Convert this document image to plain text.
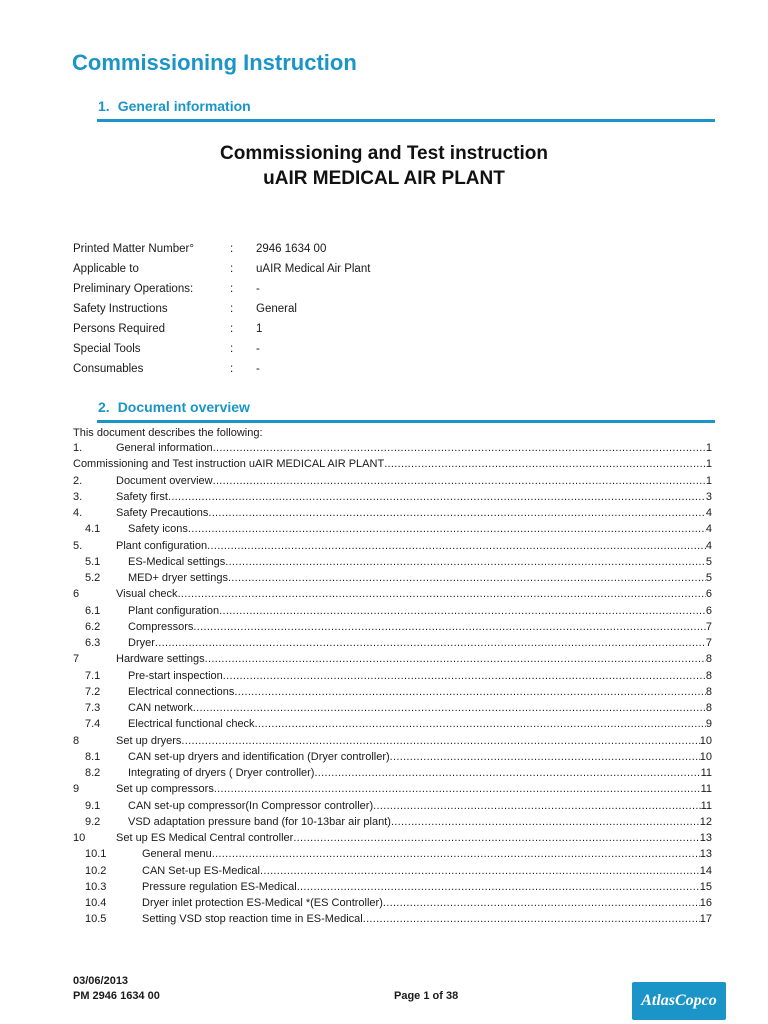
Commissioning Instruction
1. General information
Commissioning and Test instruction
uAIR MEDICAL AIR PLANT
Printed Matter Number°	: 2946 1634 00
Applicable to	: uAIR Medical Air Plant
Preliminary Operations:	: -
Safety Instructions	: General
Persons Required	: 1
Special Tools	: -
Consumables	: -
2. Document overview
This document describes the following:
1.	General information .....	1
Commissioning and Test instruction uAIR MEDICAL AIR PLANT .....	1
2.	Document overview .....	1
3.	Safety first .....	3
4.	Safety Precautions .....	4
4.1	Safety icons .....	4
5.	Plant configuration .....	4
5.1	ES-Medical settings .....	5
5.2	MED+ dryer settings .....	5
6	Visual check .....	6
6.1	Plant configuration .....	6
6.2	Compressors .....	7
6.3	Dryer .....	7
7	Hardware settings .....	8
7.1	Pre-start inspection .....	8
7.2	Electrical connections .....	8
7.3	CAN network .....	8
7.4	Electrical functional check .....	9
8	Set up dryers .....	10
8.1	CAN set-up dryers and identification (Dryer controller) .....	10
8.2	Integrating of dryers ( Dryer controller) .....	11
9	Set up compressors .....	11
9.1	CAN set-up compressor(In Compressor controller) .....	11
9.2	VSD adaptation pressure band (for 10-13bar air plant) .....	12
10	Set up ES Medical Central controller .....	13
10.1	General menu .....	13
10.2	CAN Set-up ES-Medical .....	14
10.3	Pressure regulation ES-Medical .....	15
10.4	Dryer inlet protection ES-Medical *(ES Controller) .....	16
10.5	Setting VSD stop reaction time in ES-Medical .....	17
03/06/2013
PM 2946 1634 00	Page 1 of 38	AtlasCopco
